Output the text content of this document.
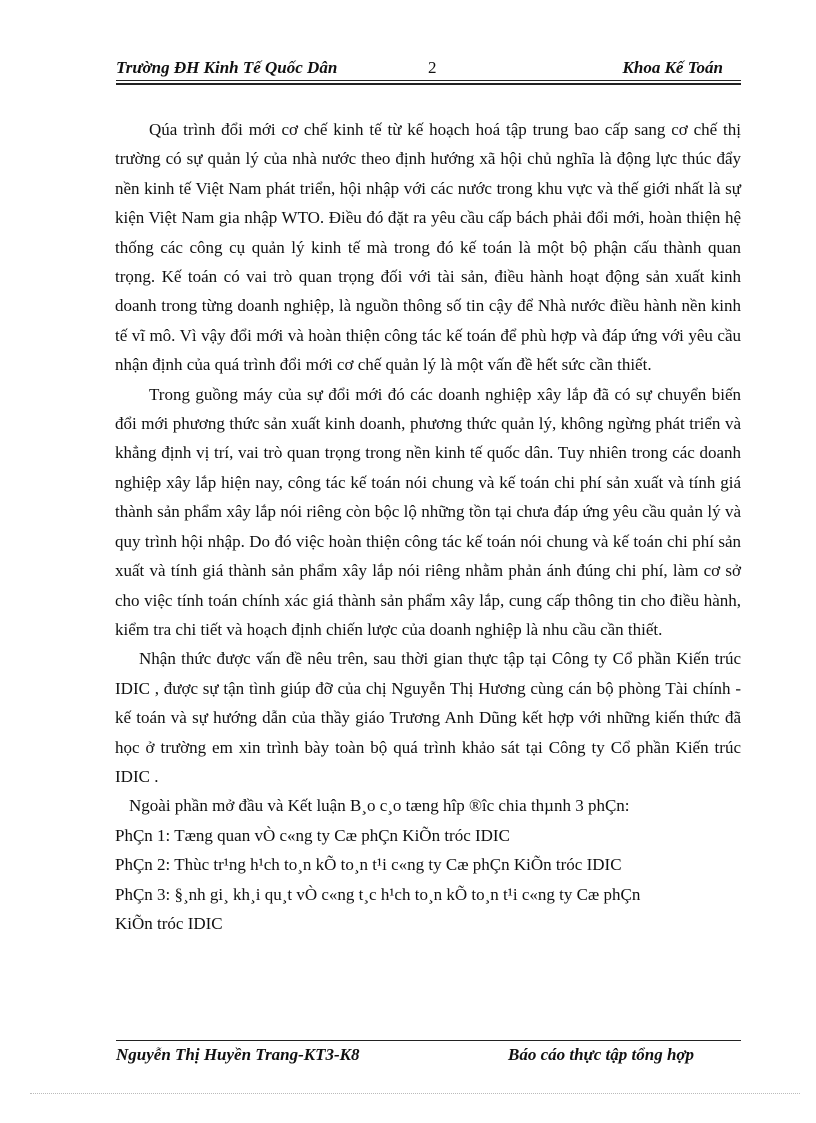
Trường ĐH Kinh Tế Quốc Dân	2	Khoa Kế Toán

Qúa trình đổi mới cơ chế kinh tế từ kế hoạch hoá tập trung bao cấp sang cơ chế thị trường có sự quản lý của nhà nước theo định hướng xã hội chủ nghĩa là động lực thúc đẩy nền kinh tế Việt Nam phát triển, hội nhập với các nước trong khu vực và thế giới nhất là sự kiện Việt Nam gia nhập WTO. Điều đó đặt ra yêu cầu cấp bách phải đổi mới, hoàn thiện hệ thống các công cụ quản lý kinh tế mà trong đó kế toán là một bộ phận cấu thành quan trọng. Kế toán có vai trò quan trọng đối với tài sản, điều hành hoạt động sản xuất kinh doanh trong từng doanh nghiệp, là nguồn thông số tin cậy để Nhà nước điều hành nền kinh tế vĩ mô. Vì vậy đổi mới và hoàn thiện công tác kế toán để phù hợp và đáp ứng với yêu cầu nhận định của quá trình đổi mới cơ chế quản lý là một vấn đề hết sức cần thiết.

Trong guồng máy của sự đổi mới đó các doanh nghiệp xây lắp đã có sự chuyển biến đổi mới phương thức sản xuất kinh doanh, phương thức quản lý, không ngừng phát triển và khẳng định vị trí, vai trò quan trọng trong nền kinh tế quốc dân. Tuy nhiên trong các doanh nghiệp xây lắp hiện nay, công tác kế toán nói chung và kế toán chi phí sản xuất và tính giá thành sản phẩm xây lắp nói riêng còn bộc lộ những tồn tại chưa đáp ứng yêu cầu quản lý và quy trình hội nhập. Do đó việc hoàn thiện công tác kế toán nói chung và kế toán chi phí sản xuất và tính giá thành sản phẩm xây lắp nói riêng nhằm phản ánh đúng chi phí, làm cơ sở cho việc tính toán chính xác giá thành sản phẩm xây lắp, cung cấp thông tin cho điều hành, kiểm tra chi tiết và hoạch định chiến lược của doanh nghiệp là nhu cầu cần thiết.

Nhận thức được vấn đề nêu trên, sau thời gian thực tập tại Công ty Cổ phần Kiến trúc IDIC , được sự tận tình giúp đỡ của chị Nguyễn Thị Hương cùng cán bộ phòng Tài chính - kế toán và sự hướng dẫn của thầy giáo Trương Anh Dũng kết hợp với những kiến thức đã học ở trường em xin trình bày toàn bộ quá trình khảo sát tại Công ty Cổ phần Kiến trúc IDIC .

Ngoài phần mở đầu và Kết luận B¸o c¸o tæng hîp ®îc chia thµnh 3 phÇn:

PhÇn 1: Tæng quan vÒ c«ng ty Cæ phÇn KiÕn tróc IDIC

PhÇn 2: Thùc tr¹ng h¹ch to¸n kÕ to¸n t¹i c«ng ty Cæ phÇn KiÕn tróc IDIC

PhÇn 3: §¸nh gi¸ kh¸i qu¸t vÒ c«ng t¸c h¹ch to¸n kÕ to¸n t¹i c«ng ty Cæ phÇn

KiÕn tróc IDIC

Nguyễn Thị Huyền Trang-KT3-K8	Báo cáo thực tập tổng hợp
